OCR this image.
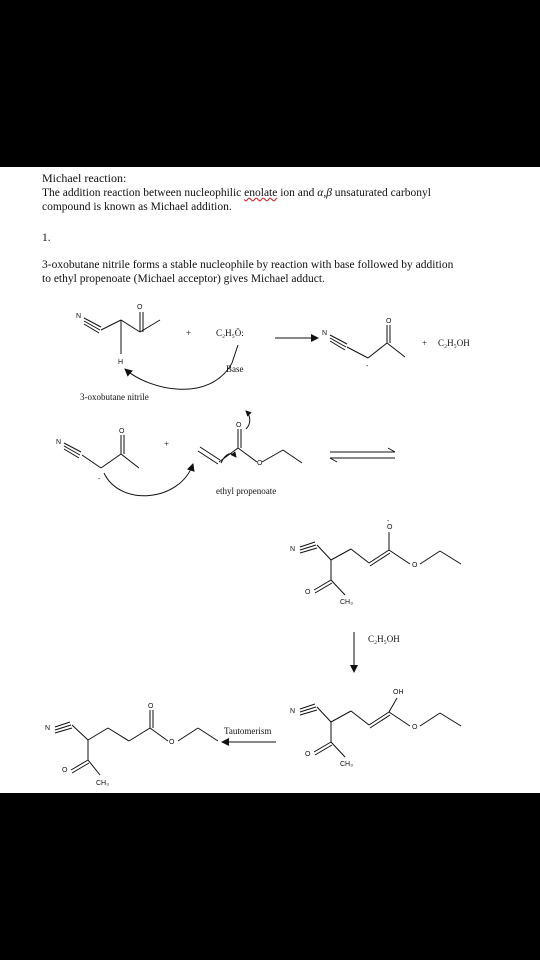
Michael reaction:
The addition reaction between nucleophilic enolate ion and α,β unsaturated carbonyl
compound is known as Michael addition.
1.
3-oxobutane nitrile forms a stable nucleophile by reaction with base followed by addition
to ethyl propenoate (Michael acceptor) gives Michael adduct.
N
O
H
N
O
-
N
O
-
O
O
N
O
-
O
O
CH₃
N
OH
O
O
CH₃
N
O
O
O
CH₃
+	C₂H₅Ö:
Base
+ C₂H₅OH
3-oxobutane nitrile
+
ethyl propenoate
C₂H₅OH
Tautomerism
